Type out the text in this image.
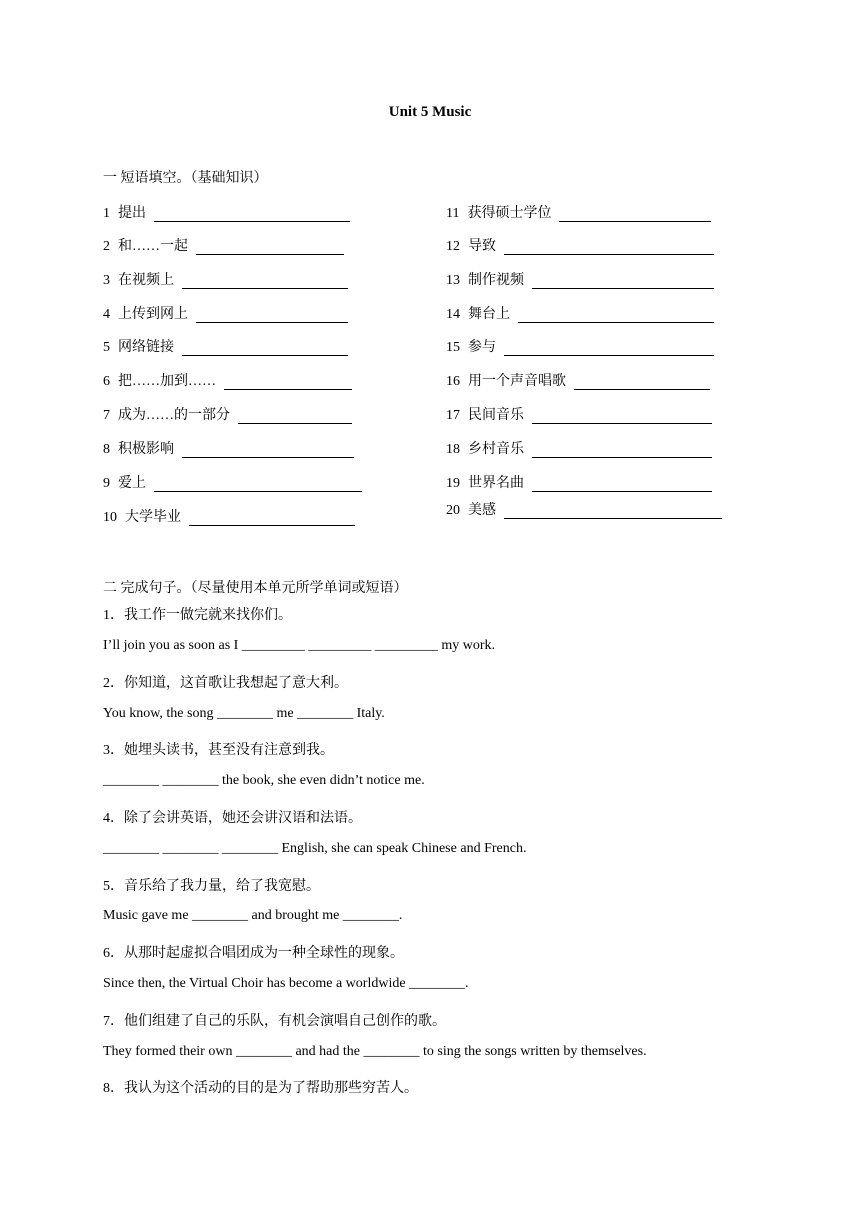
Unit 5 Music
一 短语填空。（基础知识）
1 提出
2 和……一起
3 在视频上
4 上传到网上
5 网络链接
6 把……加到……
7 成为……的一部分
8 积极影响
9 爱上
10 大学毕业
11 获得硕士学位
12 导致
13 制作视频
14 舞台上
15 参与
16 用一个声音唱歌
17 民间音乐
18 乡村音乐
19 世界名曲
20 美感
二 完成句子。（尽量使用本单元所学单词或短语）
1．我工作一做完就来找你们。
I’ll join you as soon as I _________ _________ _________ my work.
2．你知道，这首歌让我想起了意大利。
You know, the song ________ me ________ Italy.
3．她埋头读书，甚至没有注意到我。
________ ________ the book, she even didn’t notice me.
4．除了会讲英语，她还会讲汉语和法语。
________ ________ ________ English, she can speak Chinese and French.
5．音乐给了我力量，给了我宽慰。
Music gave me ________ and brought me ________.
6．从那时起虚拟合唱团成为一种全球性的现象。
Since then, the Virtual Choir has become a worldwide ________.
7．他们组建了自己的乐队，有机会演唱自己创作的歌。
They formed their own ________ and had the ________ to sing the songs written by themselves.
8．我认为这个活动的目的是为了帮助那些穷苦人。
